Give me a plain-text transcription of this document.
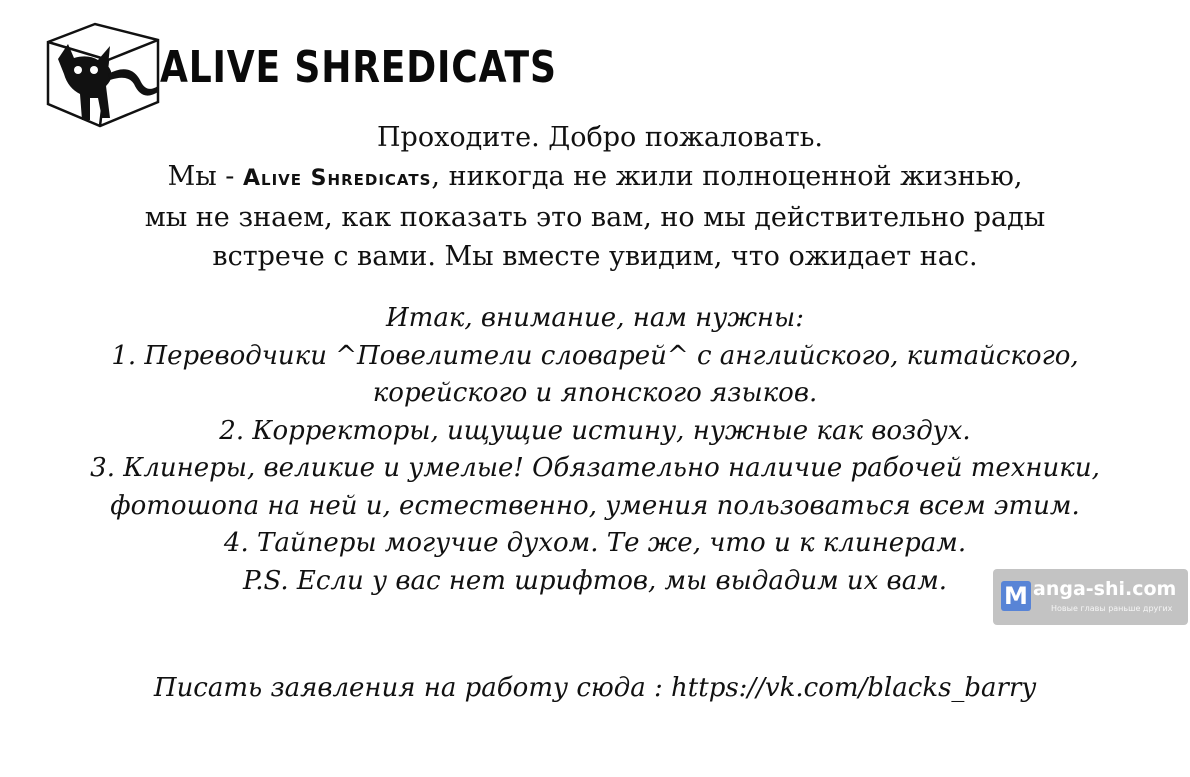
ALIVE SHREDICATS
Проходите. Добро пожаловать.
Мы - Alive Shredicats, никогда не жили полноценной жизнью,
мы не знаем, как показать это вам, но мы действительно рады
встрече с вами. Мы вместе увидим, что ожидает нас.
Итак, внимание, нам нужны:
1. Переводчики ^Повелители словарей^ с английского, китайского,
корейского и японского языков.
2. Корректоры, ищущие истину, нужные как воздух.
3. Клинеры, великие и умелые! Обязательно наличие рабочей техники,
фотошопа на ней и, естественно, умения пользоваться всем этим.
4. Тайперы могучие духом. Те же, что и к клинерам.
P.S. Если у вас нет шрифтов, мы выдадим их вам.
Писать заявления на работу сюда : https://vk.com/blacks_barry
M anga-shi.com
Новые главы раньше других
